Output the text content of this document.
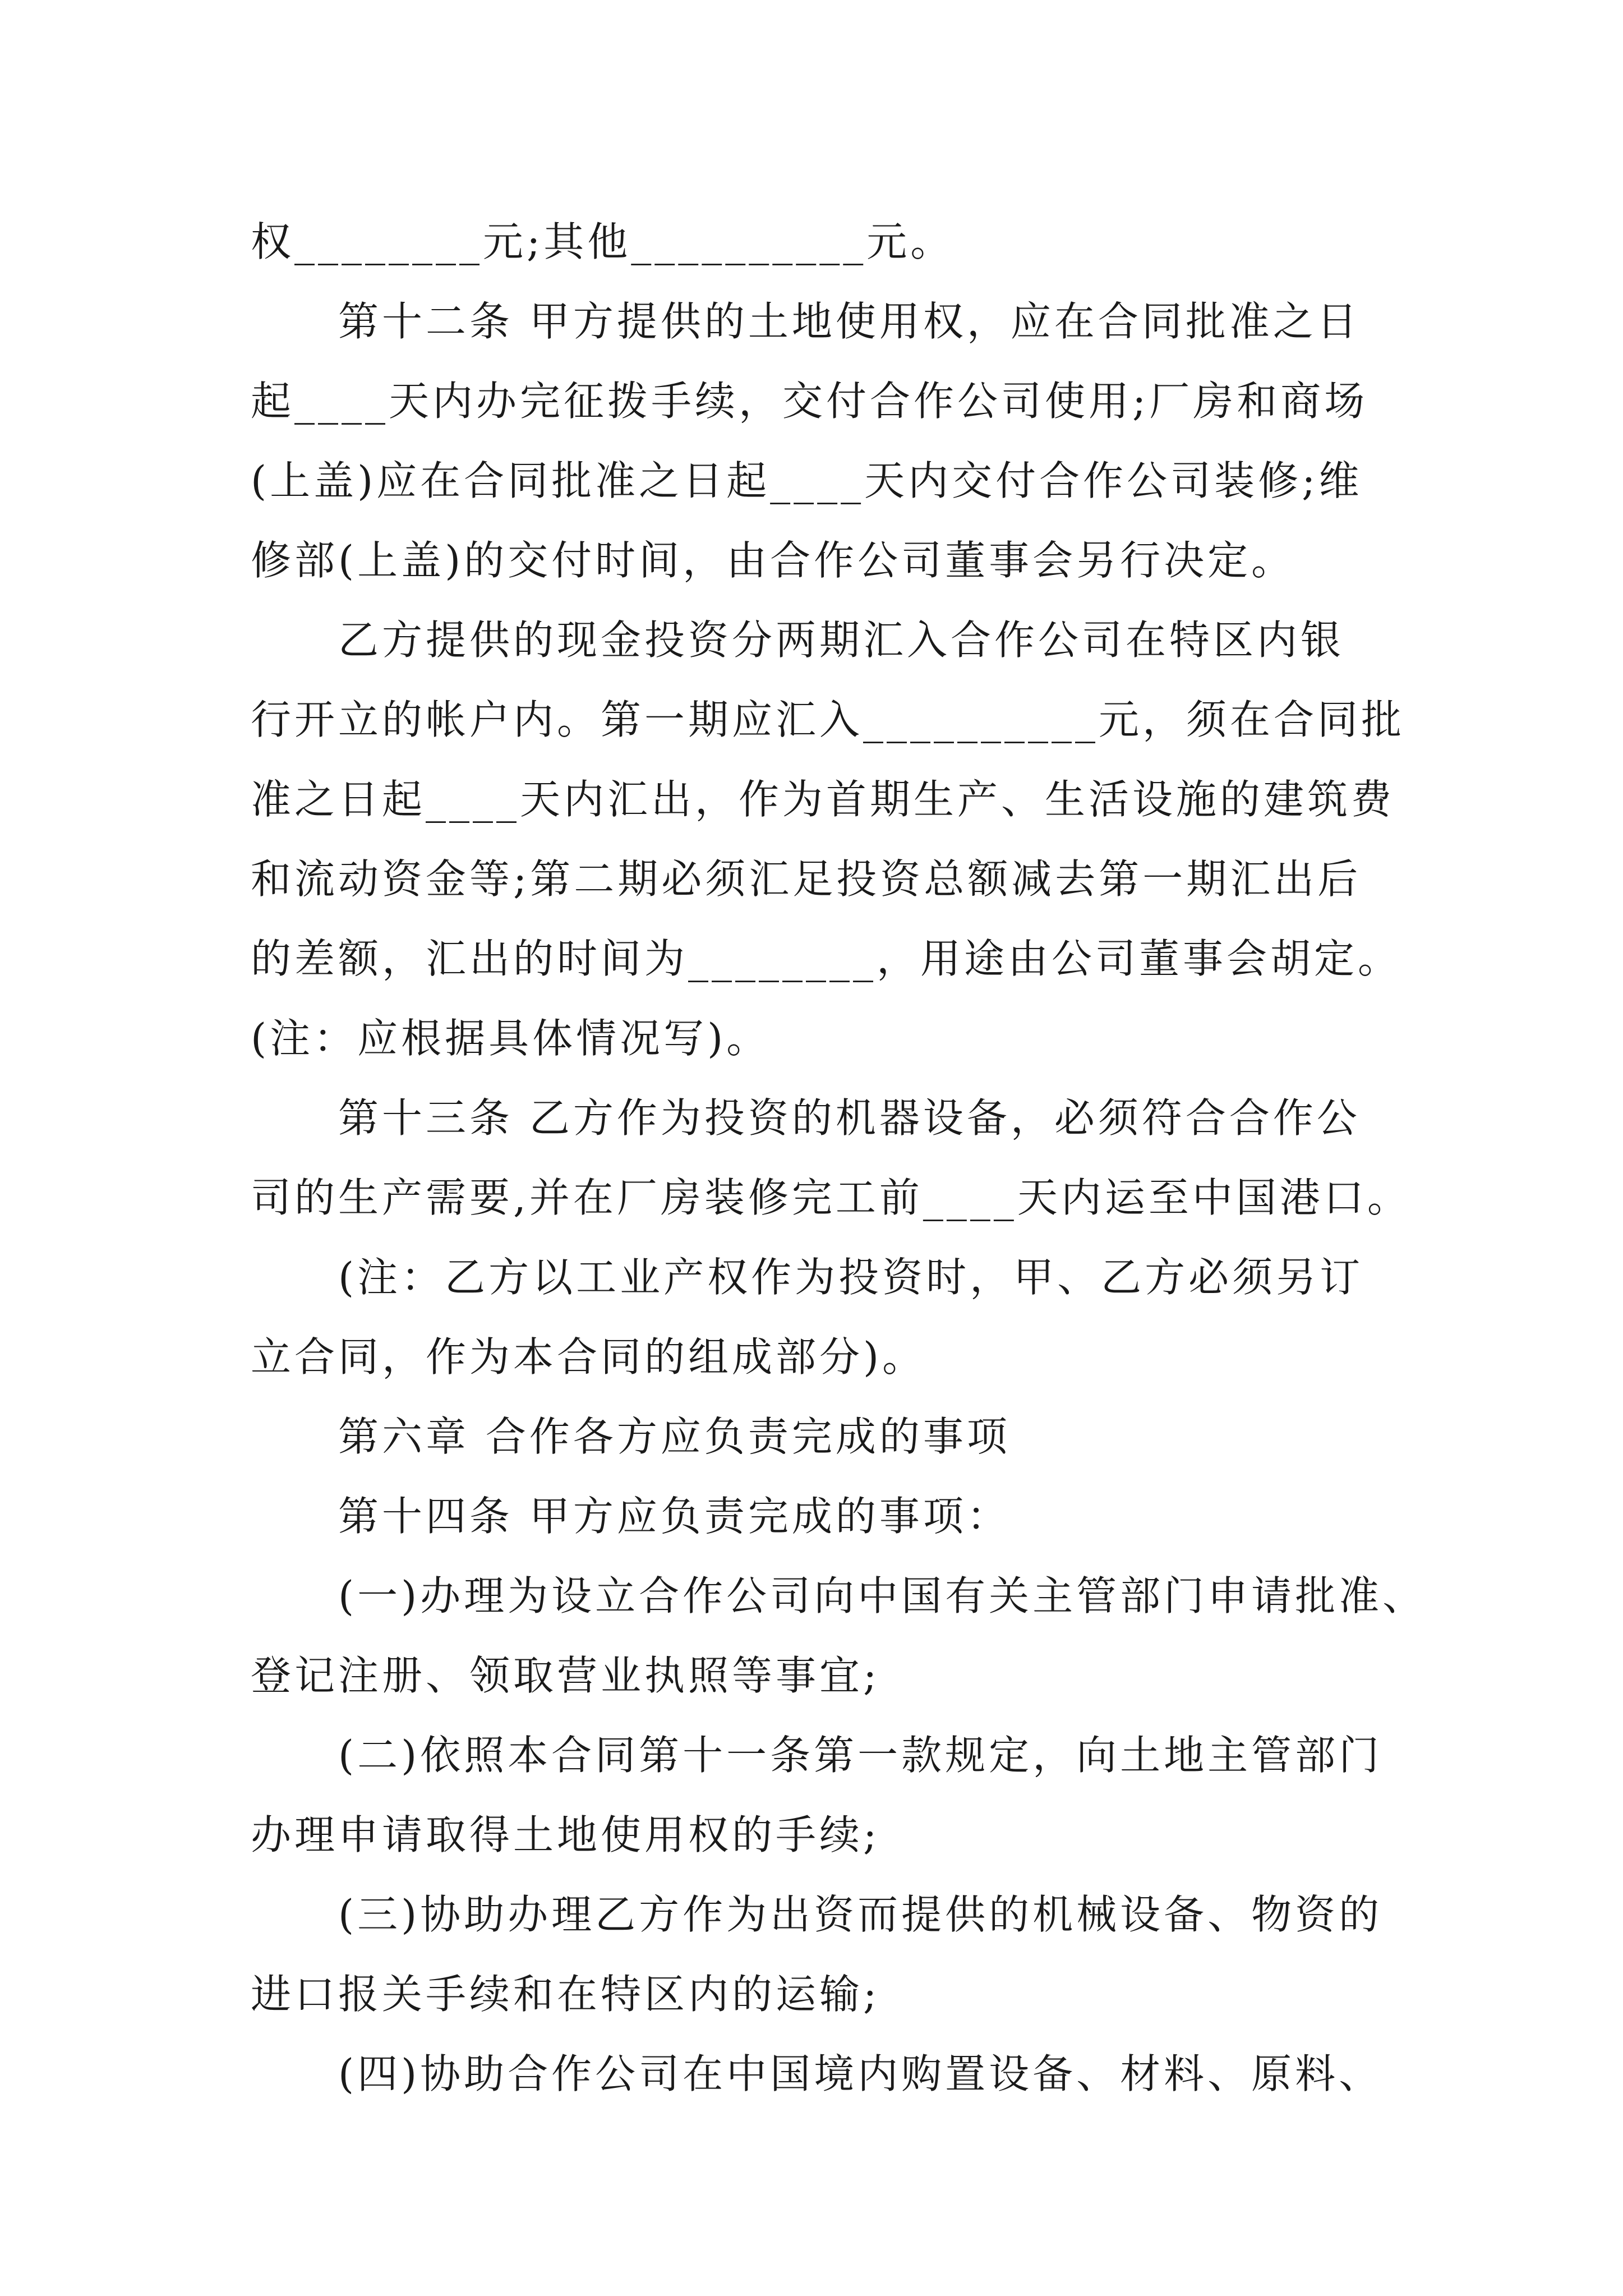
权________元;其他__________元。
第十二条 甲方提供的土地使用权，应在合同批准之日
起____天内办完征拨手续，交付合作公司使用;厂房和商场
(上盖)应在合同批准之日起____天内交付合作公司装修;维
修部(上盖)的交付时间，由合作公司董事会另行决定。
乙方提供的现金投资分两期汇入合作公司在特区内银
行开立的帐户内。第一期应汇入__________元，须在合同批
准之日起____天内汇出，作为首期生产、生活设施的建筑费
和流动资金等;第二期必须汇足投资总额减去第一期汇出后
的差额，汇出的时间为________，用途由公司董事会胡定。
(注：应根据具体情况写)。
第十三条 乙方作为投资的机器设备，必须符合合作公
司的生产需要,并在厂房装修完工前____天内运至中国港口。
(注：乙方以工业产权作为投资时，甲、乙方必须另订
立合同，作为本合同的组成部分)。
第六章 合作各方应负责完成的事项
第十四条 甲方应负责完成的事项：
(一)办理为设立合作公司向中国有关主管部门申请批准、
登记注册、领取营业执照等事宜;
(二)依照本合同第十一条第一款规定，向土地主管部门
办理申请取得土地使用权的手续;
(三)协助办理乙方作为出资而提供的机械设备、物资的
进口报关手续和在特区内的运输;
(四)协助合作公司在中国境内购置设备、材料、原料、
